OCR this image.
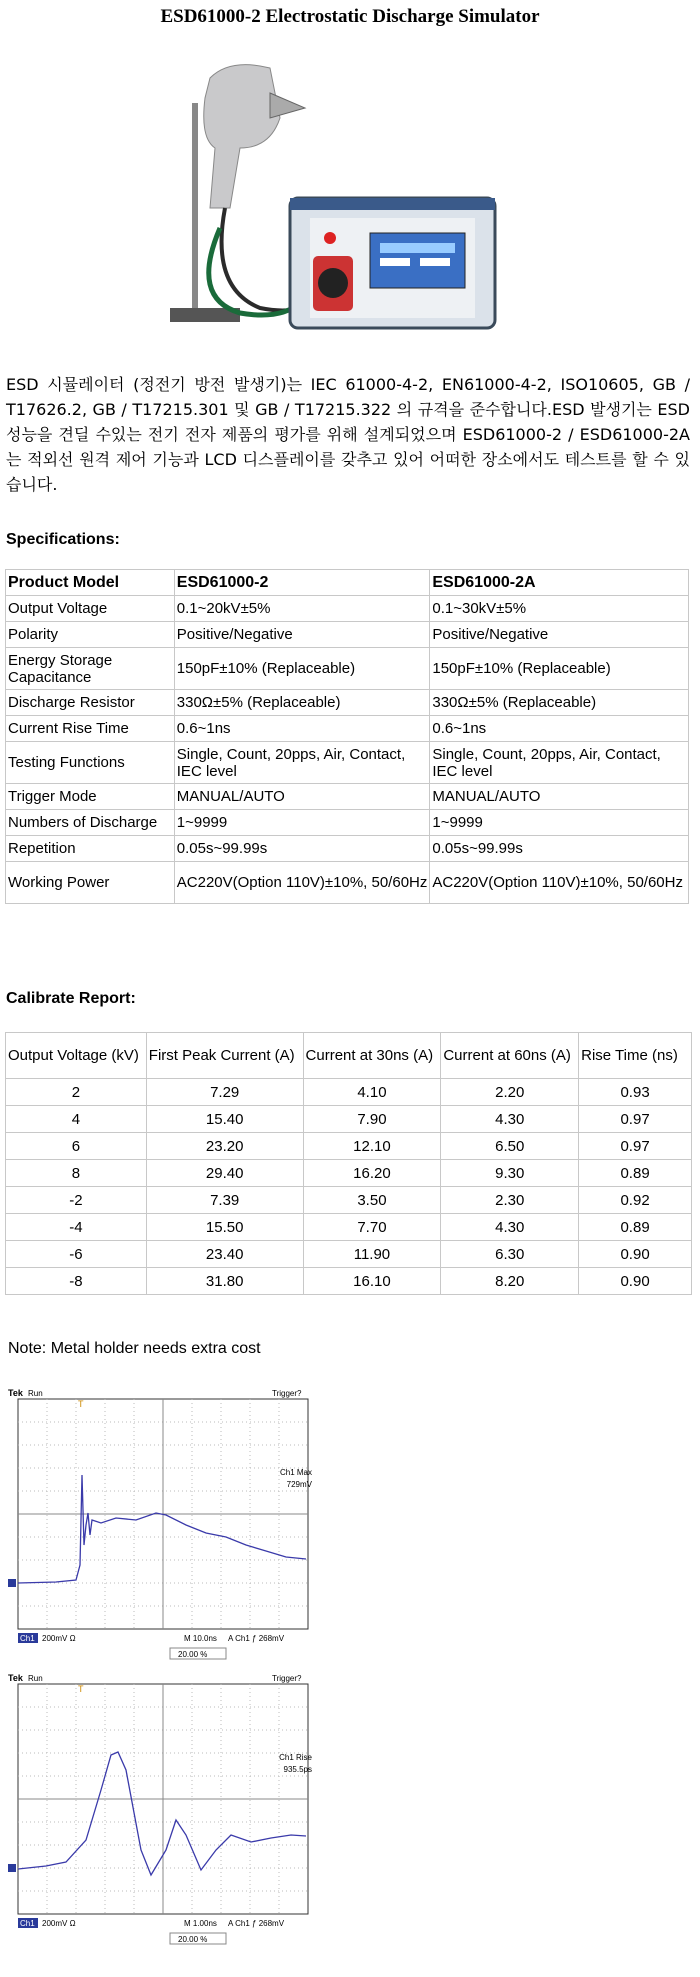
ESD61000-2 Electrostatic Discharge Simulator
ESD 시뮬레이터 (정전기 방전 발생기)는 IEC 61000-4-2, EN61000-4-2, ISO10605, GB / T17626.2, GB / T17215.301 및 GB / T17215.322 의 규격을 준수합니다.ESD 발생기는 ESD 성능을 견딜 수있는 전기 전자 제품의 평가를 위해 설계되었으며 ESD61000-2 / ESD61000-2A 는 적외선 원격 제어 기능과 LCD 디스플레이를 갖추고 있어 어떠한 장소에서도 테스트를 할 수 있습니다.
Specifications:
Product Model	ESD61000-2	ESD61000-2A
Output Voltage	0.1~20kV±5%	0.1~30kV±5%
Polarity	Positive/Negative	Positive/Negative
Energy Storage Capacitance	150pF±10% (Replaceable)	150pF±10% (Replaceable)
Discharge Resistor	330Ω±5% (Replaceable)	330Ω±5% (Replaceable)
Current Rise Time	0.6~1ns	0.6~1ns
Testing Functions	Single, Count, 20pps, Air, Contact, IEC level	Single, Count, 20pps, Air, Contact, IEC level
Trigger Mode	MANUAL/AUTO	MANUAL/AUTO
Numbers of Discharge	1~9999	1~9999
Repetition	0.05s~99.99s	0.05s~99.99s
Working Power	AC220V(Option 110V)±10%, 50/60Hz	AC220V(Option 110V)±10%, 50/60Hz
Calibrate Report:
Output Voltage (kV)	First Peak Current (A)	Current at 30ns (A)	Current at 60ns (A)	Rise Time (ns)
2	7.29	4.10	2.20	0.93
4	15.40	7.90	4.30	0.97
6	23.20	12.10	6.50	0.97
8	29.40	16.20	9.30	0.89
-2	7.39	3.50	2.30	0.92
-4	15.50	7.70	4.30	0.89
-6	23.40	11.90	6.30	0.90
-8	31.80	16.10	8.20	0.90
Note: Metal holder needs extra cost
Tek Run	Trigger?
T
Ch1 Max
729mV
Ch1 200mV Ω	M 10.0ns A Ch1 ƒ 268mV
20.00 %
Tek Run	Trigger?
T
Ch1 Rise
935.5ps
Ch1 200mV Ω	M 1.00ns A Ch1 ƒ 268mV
20.00 %
